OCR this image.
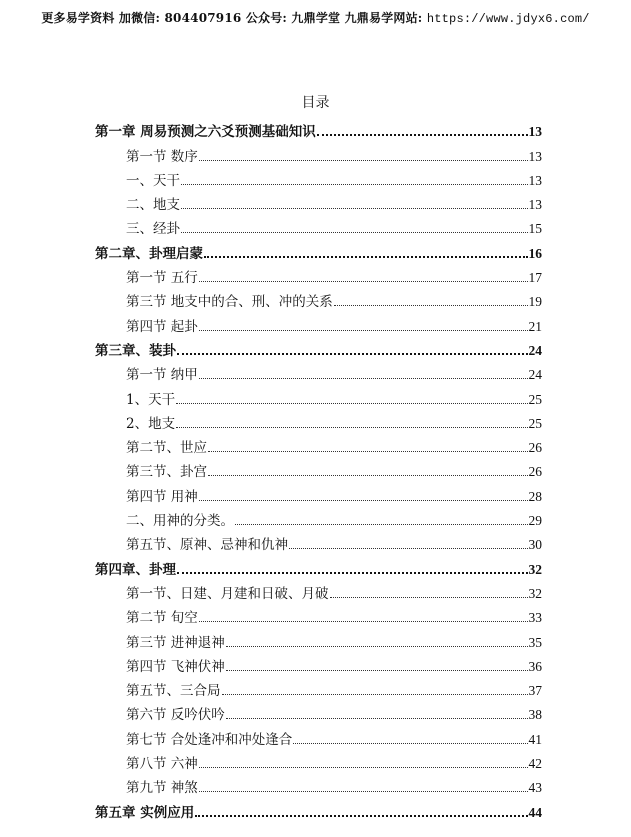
更多易学资料 加微信: 804407916 公众号: 九鼎学堂 九鼎易学网站: https://www.jdyx6.com/
目录
第一章 周易预测之六爻预测基础知识	13
第一节 数序	13
一、天干	13
二、地支	13
三、经卦	15
第二章、卦理启蒙	16
第一节 五行	17
第三节 地支中的合、刑、冲的关系	19
第四节 起卦	21
第三章、装卦	24
第一节 纳甲	24
1、天干	25
2、地支	25
第二节、世应	26
第三节、卦宫	26
第四节 用神	28
二、用神的分类。	29
第五节、原神、忌神和仇神	30
第四章、卦理	32
第一节、日建、月建和日破、月破	32
第二节 旬空	33
第三节 进神退神	35
第四节 飞神伏神	36
第五节、三合局	37
第六节 反吟伏吟	38
第七节 合处逢冲和冲处逢合	41
第八节 六神	42
第九节 神煞	43
第五章 实例应用	44
